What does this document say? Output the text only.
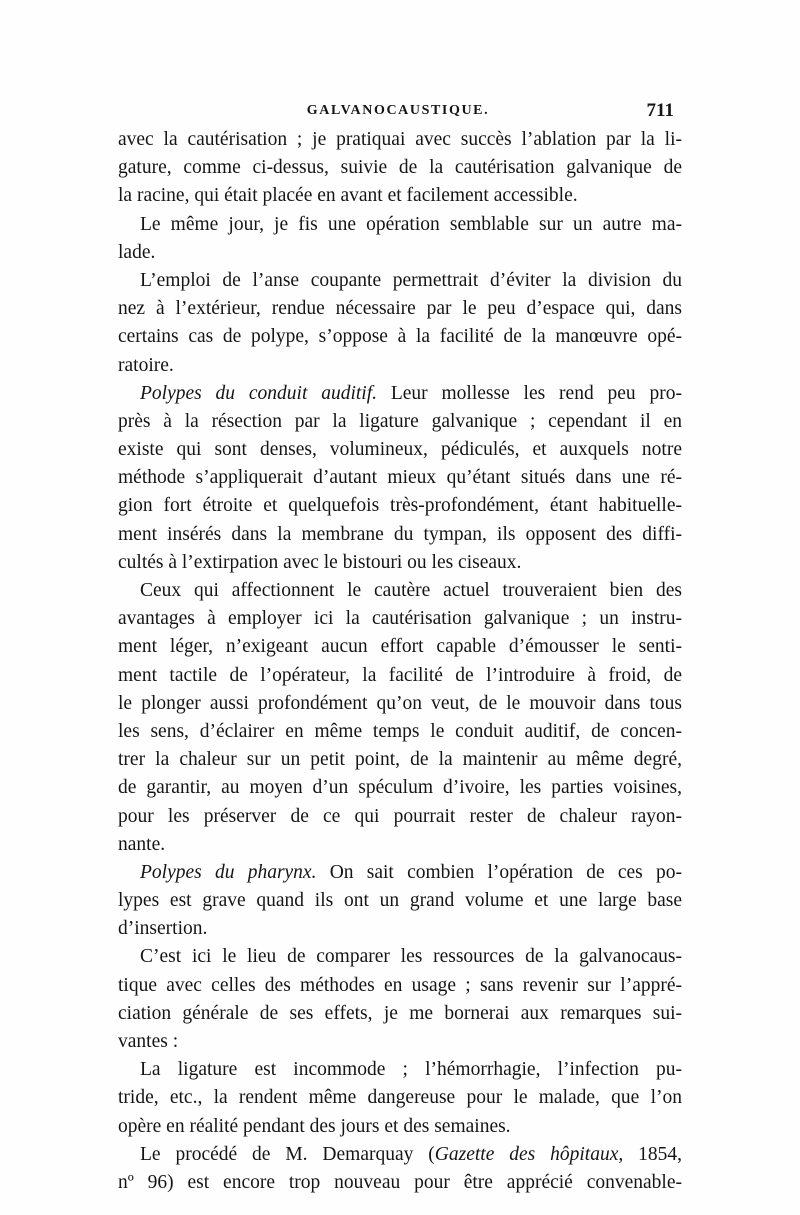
GALVANOCAUSTIQUE.	711
avec la cautérisation ; je pratiquai avec succès l’ablation par la li-
gature, comme ci-dessus, suivie de la cautérisation galvanique de
la racine, qui était placée en avant et facilement accessible.
Le même jour, je fis une opération semblable sur un autre ma-
lade.
L’emploi de l’anse coupante permettrait d’éviter la division du
nez à l’extérieur, rendue nécessaire par le peu d’espace qui, dans
certains cas de polype, s’oppose à la facilité de la manœuvre opé-
ratoire.
Polypes du conduit auditif. Leur mollesse les rend peu pro-
près à la résection par la ligature galvanique ; cependant il en
existe qui sont denses, volumineux, pédiculés, et auxquels notre
méthode s’appliquerait d’autant mieux qu’étant situés dans une ré-
gion fort étroite et quelquefois très-profondément, étant habituelle-
ment insérés dans la membrane du tympan, ils opposent des diffi-
cultés à l’extirpation avec le bistouri ou les ciseaux.
Ceux qui affectionnent le cautère actuel trouveraient bien des
avantages à employer ici la cautérisation galvanique ; un instru-
ment léger, n’exigeant aucun effort capable d’émousser le senti-
ment tactile de l’opérateur, la facilité de l’introduire à froid, de
le plonger aussi profondément qu’on veut, de le mouvoir dans tous
les sens, d’éclairer en même temps le conduit auditif, de concen-
trer la chaleur sur un petit point, de la maintenir au même degré,
de garantir, au moyen d’un spéculum d’ivoire, les parties voisines,
pour les préserver de ce qui pourrait rester de chaleur rayon-
nante.
Polypes du pharynx. On sait combien l’opération de ces po-
lypes est grave quand ils ont un grand volume et une large base
d’insertion.
C’est ici le lieu de comparer les ressources de la galvanocaus-
tique avec celles des méthodes en usage ; sans revenir sur l’appré-
ciation générale de ses effets, je me bornerai aux remarques sui-
vantes :
La ligature est incommode ; l’hémorrhagie, l’infection pu-
tride, etc., la rendent même dangereuse pour le malade, que l’on
opère en réalité pendant des jours et des semaines.
Le procédé de M. Demarquay (Gazette des hôpitaux, 1854,
nº 96) est encore trop nouveau pour être apprécié convenable-
